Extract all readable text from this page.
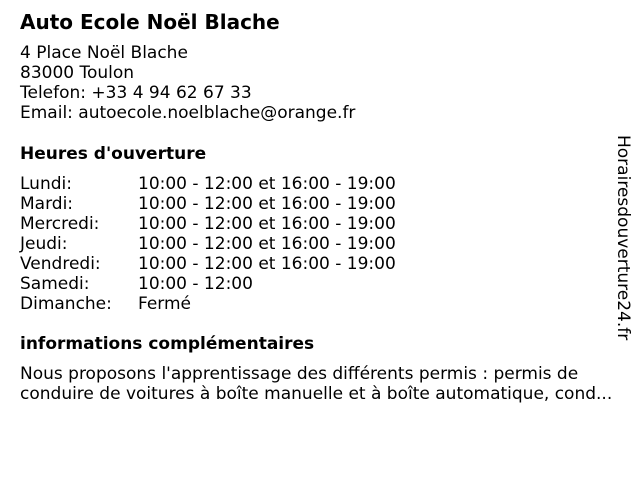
Auto Ecole Noël Blache
4 Place Noël Blache
83000 Toulon
Telefon: +33 4 94 62 67 33
Email: autoecole.noelblache@orange.fr
Heures d'ouverture
Lundi:	10:00 - 12:00 et 16:00 - 19:00
Mardi:	10:00 - 12:00 et 16:00 - 19:00
Mercredi:	10:00 - 12:00 et 16:00 - 19:00
Jeudi:	10:00 - 12:00 et 16:00 - 19:00
Vendredi:	10:00 - 12:00 et 16:00 - 19:00
Samedi:	10:00 - 12:00
Dimanche:	Fermé
informations complémentaires
Nous proposons l'apprentissage des différents permis : permis de
conduire de voitures à boîte manuelle et à boîte automatique, cond...
Horairesdouverture24.fr
